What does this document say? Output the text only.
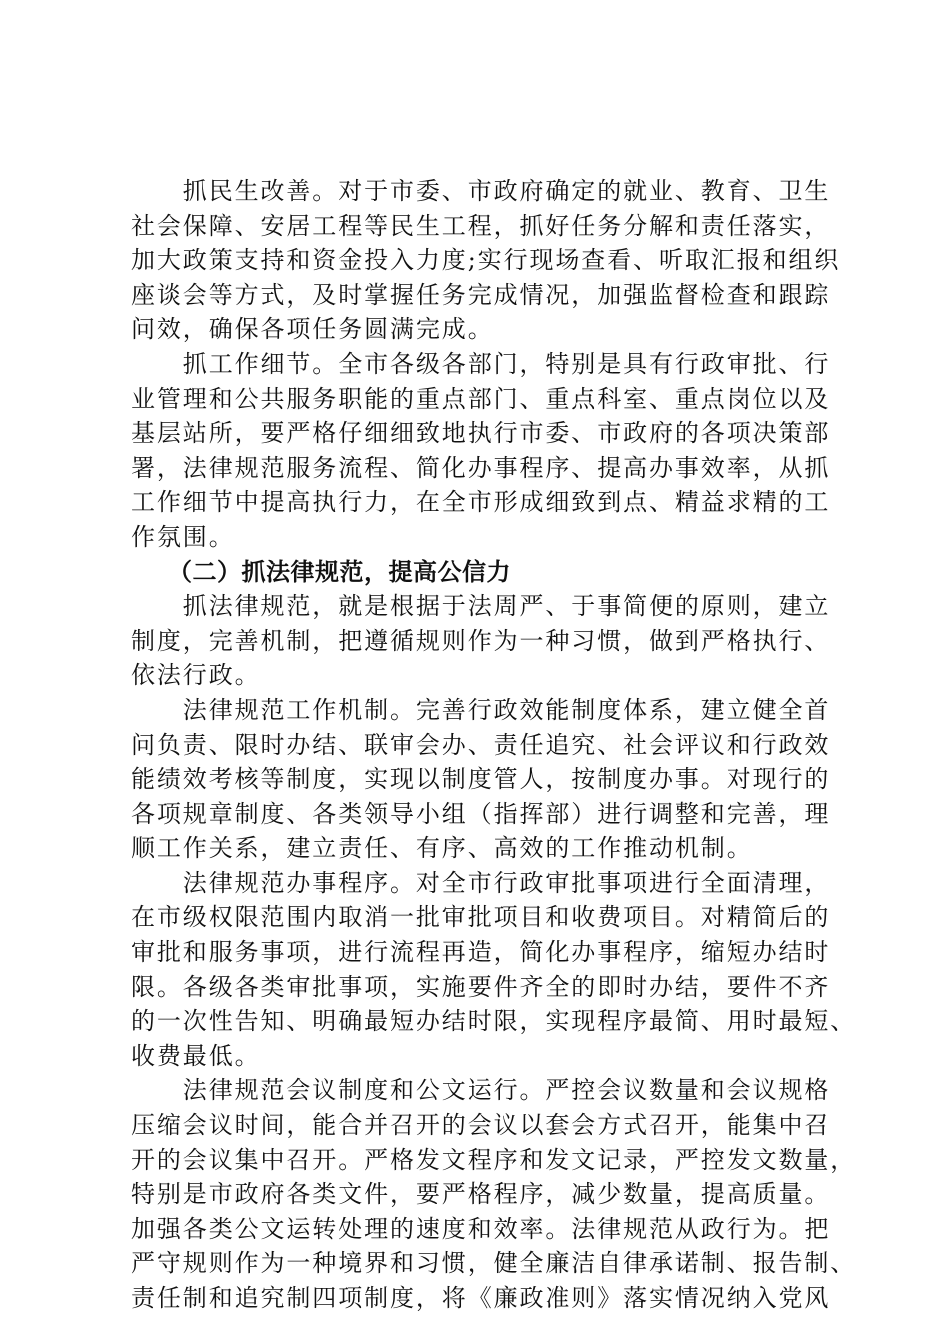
　　抓民生改善。对于市委、市政府确定的就业、教育、卫生
社会保障、安居工程等民生工程，抓好任务分解和责任落实，
加大政策支持和资金投入力度;实行现场查看、听取汇报和组织
座谈会等方式，及时掌握任务完成情况，加强监督检查和跟踪
问效，确保各项任务圆满完成。
　　抓工作细节。全市各级各部门，特别是具有行政审批、行
业管理和公共服务职能的重点部门、重点科室、重点岗位以及
基层站所，要严格仔细细致地执行市委、市政府的各项决策部
署，法律规范服务流程、简化办事程序、提高办事效率，从抓
工作细节中提高执行力，在全市形成细致到点、精益求精的工
作氛围。
　　（二）抓法律规范，提高公信力
　　抓法律规范，就是根据于法周严、于事简便的原则，建立
制度，完善机制，把遵循规则作为一种习惯，做到严格执行、
依法行政。
　　法律规范工作机制。完善行政效能制度体系，建立健全首
问负责、限时办结、联审会办、责任追究、社会评议和行政效
能绩效考核等制度，实现以制度管人，按制度办事。对现行的
各项规章制度、各类领导小组（指挥部）进行调整和完善，理
顺工作关系，建立责任、有序、高效的工作推动机制。
　　法律规范办事程序。对全市行政审批事项进行全面清理，
在市级权限范围内取消一批审批项目和收费项目。对精简后的
审批和服务事项，进行流程再造，简化办事程序，缩短办结时
限。各级各类审批事项，实施要件齐全的即时办结，要件不齐
的一次性告知、明确最短办结时限，实现程序最简、用时最短、
收费最低。
　　法律规范会议制度和公文运行。严控会议数量和会议规格
压缩会议时间，能合并召开的会议以套会方式召开，能集中召
开的会议集中召开。严格发文程序和发文记录，严控发文数量，
特别是市政府各类文件，要严格程序，减少数量，提高质量。
加强各类公文运转处理的速度和效率。法律规范从政行为。把
严守规则作为一种境界和习惯，健全廉洁自律承诺制、报告制、
责任制和追究制四项制度，将《廉政准则》落实情况纳入党风
